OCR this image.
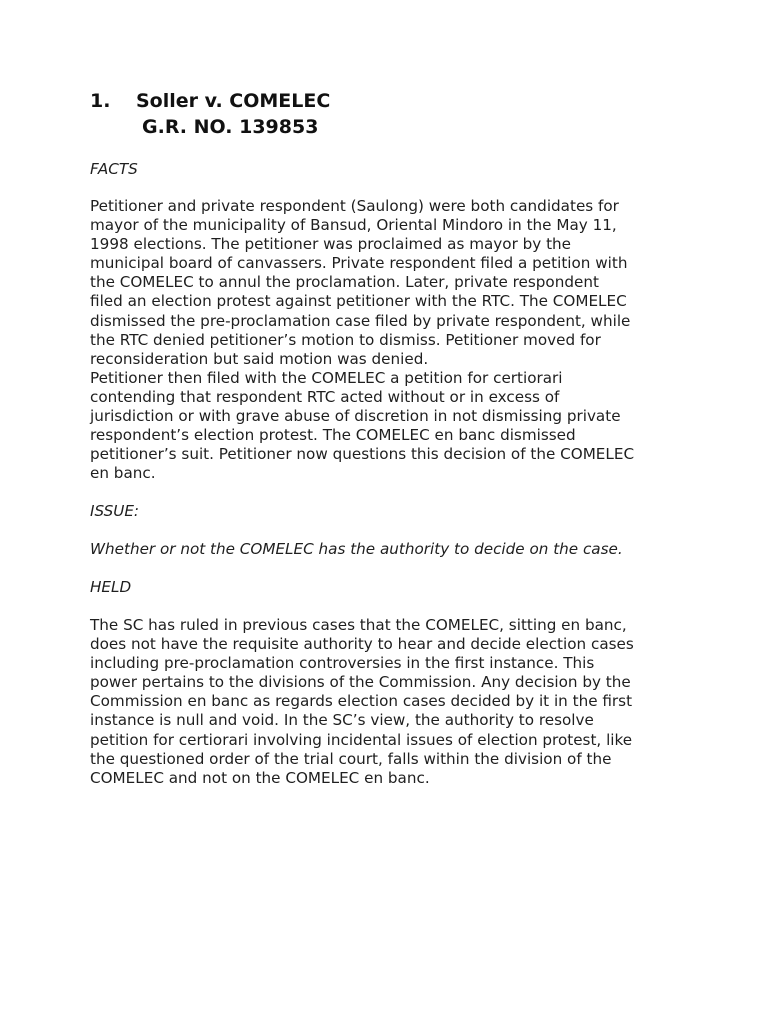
1.	Soller v. COMELEC
G.R. NO. 139853
FACTS
Petitioner and private respondent (Saulong) were both candidates for
mayor of the municipality of Bansud, Oriental Mindoro in the May 11,
1998 elections. The petitioner was proclaimed as mayor by the
municipal board of canvassers. Private respondent filed a petition with
the COMELEC to annul the proclamation. Later, private respondent
filed an election protest against petitioner with the RTC. The COMELEC
dismissed the pre-proclamation case filed by private respondent, while
the RTC denied petitioner’s motion to dismiss. Petitioner moved for
reconsideration but said motion was denied.
Petitioner then filed with the COMELEC a petition for certiorari
contending that respondent RTC acted without or in excess of
jurisdiction or with grave abuse of discretion in not dismissing private
respondent’s election protest. The COMELEC en banc dismissed
petitioner’s suit. Petitioner now questions this decision of the COMELEC
en banc.
ISSUE:
Whether or not the COMELEC has the authority to decide on the case.
HELD
The SC has ruled in previous cases that the COMELEC, sitting en banc,
does not have the requisite authority to hear and decide election cases
including pre-proclamation controversies in the first instance. This
power pertains to the divisions of the Commission. Any decision by the
Commission en banc as regards election cases decided by it in the first
instance is null and void. In the SC’s view, the authority to resolve
petition for certiorari involving incidental issues of election protest, like
the questioned order of the trial court, falls within the division of the
COMELEC and not on the COMELEC en banc.
